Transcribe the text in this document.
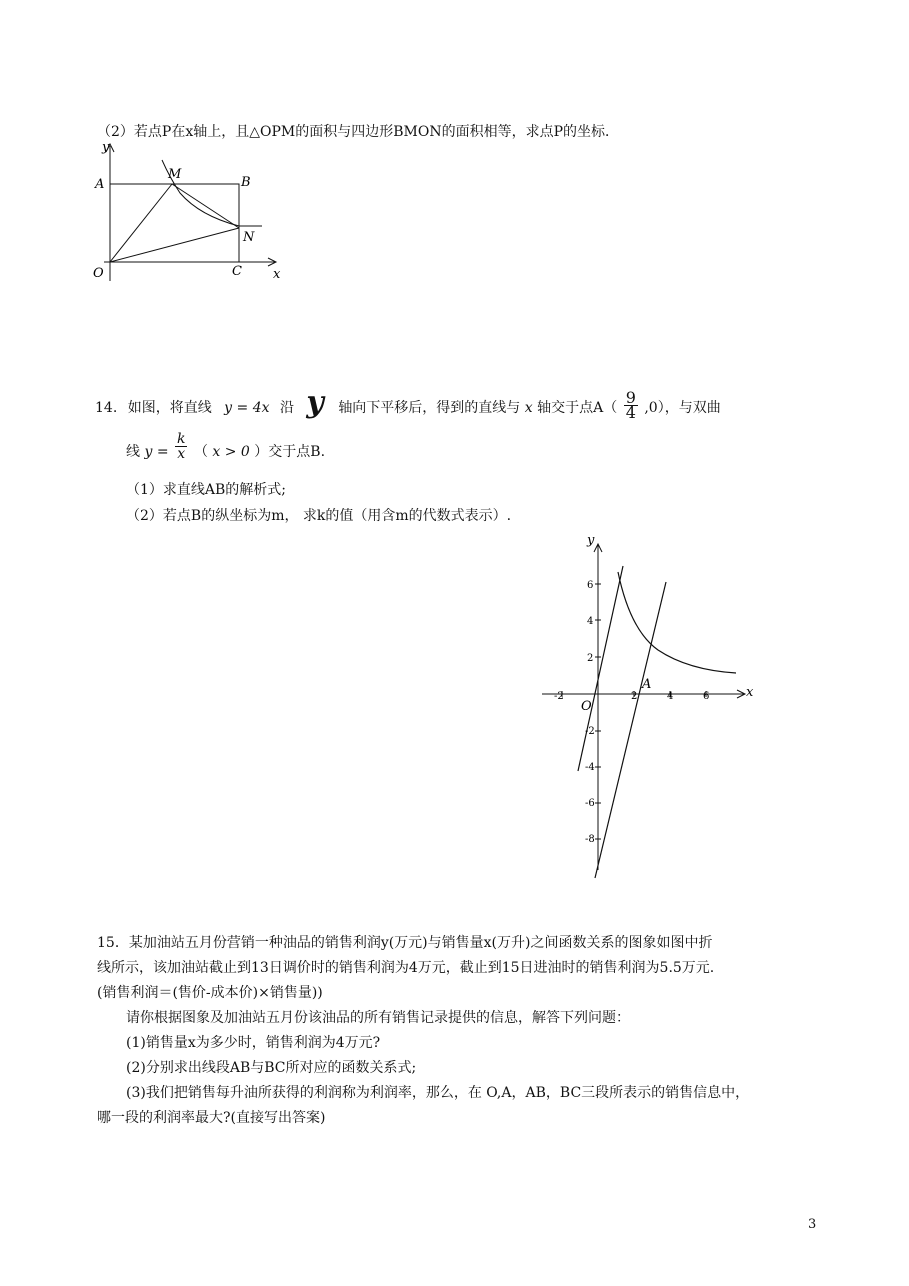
（2）若点P在x轴上，且△OPM的面积与四边形BMON的面积相等，求点P的坐标．
y
A
M
B
N
O	C x
14. 如图，将直线 y = 4x 沿 y 轴向下平移后，得到的直线与 x 轴交于点$A( \frac{9}{4} ,0)$，与双曲
线 $y = \frac{k}{x}$ （ x > 0 ）交于点B.
（1）求直线AB的解析式;
（2）若点B的纵坐标为m， 求k的值（用含m的代数式表示）.
6
4
2
-2
-4
-6
-8
-2	2	4	6
y
x
O
A
15．某加油站五月份营销一种油品的销售利润y(万元)与销售量x(万升)之间函数关系的图象如图中折
线所示，该加油站截止到13日调价时的销售利润为4万元，截止到15日进油时的销售利润为5.5万元.
(销售利润＝(售价-成本价)×销售量))
请你根据图象及加油站五月份该油品的所有销售记录提供的信息，解答下列问题：
(1)销售量x为多少时，销售利润为4万元?
(2)分别求出线段AB与BC所对应的函数关系式;
(3)我们把销售每升油所获得的利润称为利润率，那么，在 O,A，AB，BC三段所表示的销售信息中，
哪一段的利润率最大?(直接写出答案)
3
